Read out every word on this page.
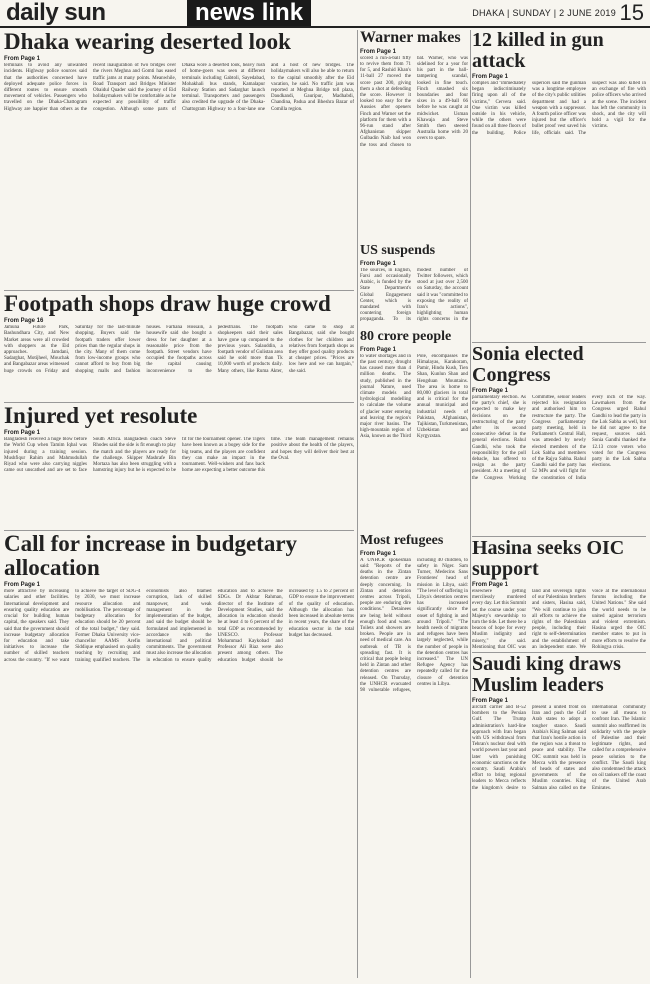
daily sun	news link	DHAKA | SUNDAY | 2 JUNE 2019 15
Dhaka wearing deserted look
From Page 1

terminals to avoid any unwanted incidents. Highway police sources said that the authorities concerned have deployed adequate police forces in different routes to ensure smooth movement of vehicles. Passengers who travelled on the Dhaka-Chattogram Highway are happier than others as the recent inauguration of two bridges over the rivers Meghna and Gomti has eased traffic jams at many points. Meanwhile, Road Transport and Bridges Minister Obaidul Quader said the journey of Eid holidaymakers will be comfortable as he expected any possibility of traffic congestion. Although some parts of Dhaka wore a deserted look, heavy rush of home-goers was seen at different terminals including Gabtoli, Sayedabad, Mohakhali bus stands, Kamalapur Railway Station and Sadarghat launch terminal. Transporters and passengers also credited the upgrade of the Dhaka-Chattogram Highway to a four-lane one and a host of new bridges. The holidaymakers will also be able to return to the capital smoothly after the Eid vacation, he said. No traffic jam was reported at Meghna Bridge toll plaza, Daudkandi, Gauripur, Madhabdi, Chandina, Padua and Bheshra Bazar of Comilla region.

Warner makes
From Page 1

scored a run-a-ball fifty to revive them from 71 for 5, and Rashid Khan's 11-ball 27 moved the score past 200, giving them a shot at defending the score. However it looked too easy for the Aussies after openers Finch and Warner set the platform for them with a 96-run stand after Afghanistan skipper Gulbadin Naib had won the toss and chosen to bat. Warner, who was sidelined for a year for his part in the ball-tampering scandal, looked in fine touch. Finch smashed six boundaries and four sixes in a 49-ball 66 before he was caught at midwicket. Usman Khawaja and Steve Smith then steered Australia home with 20 overs to spare.

12 killed in gun attack
From Page 1

complex and "immediately began indiscriminately firing upon all of the victims," Cervera said. One victim was killed outside in his vehicle, while the others were found on all three floors of the building. Police superiors said the gunman was a longtime employee of the city's public utilities department and had a weapon with a suppressor. A fourth police officer was injured but the officer's bullet proof vest saved his life, officials said. The suspect was also killed in an exchange of fire with police officers who arrived at the scene. The incident has left the community in shock, and the city will hold a vigil for the victims.

US suspends
From Page 1

The sources, in English, Farsi and occasionally Arabic, is funded by the State Department's Global Engagement Center, which is mandated with countering foreign propaganda. To its modest number of Twitter followers, which stood at just over 2,500 on Saturday, the account said it was "committed to exposing the reality of Iran's actions", highlighting human rights concerns in the

Footpath shops draw huge crowd
From Page 16

Jamuna Future Park, Bashundhara City, and New Market areas were all crowded with shoppers as the Eid approaches. Jamdani, Sadarghat, Motijheel, Mouchak and Bangabazar areas witnessed huge crowds on Friday and Saturday for the last-minute shopping. Buyers said the footpath traders offer lower prices than the regular shops in the city. Many of them come from low-income groups who cannot afford to buy from big shopping malls and fashion houses. Farhana Hossain, a housewife said she bought a dress for her daughter at a reasonable price from the footpath. Street vendors have occupied the footpaths across the capital causing inconvenience to the pedestrians. The footpath shopkeepers said their sales have gone up compared to the previous years. Salauddin, a footpath vendor of Gulistan area said he sold more than Tk 10,000 worth of products daily. Many others, like Ruma Akter, who came to shop at Bangabazar, said she bought clothes for her children and relatives from footpath shops as they offer good quality products at cheaper prices. "Prices are low here and we can bargain," she said.

80 crore people
From Page 1

to water shortages and in the past century, drought has caused more than 4 million deaths. The study, published in the journal Nature, used climate models and hydrological modelling to calculate the volume of glacier water entering and leaving the region's major river basins. The high-mountain region of Asia, known as the Third Pole, encompasses the Himalayas, Karakoram, Pamir, Hindu Kush, Tien Shan, Kunlun Shan and Hengduan Mountains. The area is home to 80,000 glaciers in total and is critical for the annual municipal and industrial needs of Pakistan, Afghanistan, Tajikistan, Turkmenistan, Uzbekistan and Kyrgyzstan.

Sonia elected Congress
From Page 1

parliamentary election. As the party's chief, she is expected to make key decisions on the restructuring of the party after its second consecutive defeat in the general elections. Rahul Gandhi, who took the responsibility for the poll debacle, has offered to resign as the party president. At a meeting of the Congress Working Committee, senior leaders rejected his resignation and authorised him to restructure the party. The Congress parliamentary party meeting, held in Parliament's Central Hall, was attended by newly elected members of the Lok Sabha and members of the Rajya Sabha. Rahul Gandhi said the party has 52 MPs and will fight for the constitution of India every inch of the way. Lawmakers from the Congress urged Rahul Gandhi to lead the party in the Lok Sabha as well, but he did not agree to the request, sources said. Sonia Gandhi thanked the 12.13 crore voters who voted for the Congress party in the Lok Sabha elections.

Injured yet resolute
From Page 1

Bangladesh received a huge blow before the World Cup when Tamim Iqbal was injured during a training session. Mushfiqur Rahim and Mahmudullah Riyad who were also carrying niggles came out unscathed and are set to face South Africa. Bangladesh coach Steve Rhodes said the side is fit enough to play the match and the players are ready for the challenge. Skipper Mashrafe Bin Mortaza has also been struggling with a hamstring injury but he is expected to be fit for the tournament opener. The Tigers have been known as a bogey side for the big teams, and the players are confident they can make an impact in the tournament. Well-wishers and fans back home are expecting a better outcome this time. The team management remains positive about the health of the players, and hopes they will deliver their best at the Oval.

Hasina seeks OIC support
From Page 1

elsewhere getting mercilessly murdered every day. Let this Summit set the course under your Majesty's stewardship to turn the tide. Let there be a beacon of hope for every Muslim indignity and misery," she said. Mentioning that OIC was land and sovereign rights of our Palestinian brothers and sisters, Hasina said, "We will continue to join all efforts to achieve the rights of the Palestinian people, including their right to self-determination and the establishment of an independent state. We voice at the international forums including the United Nations." She said the world needs to be united against terrorism and violent extremism. Hasina urged the OIC member states to put in more efforts to resolve the Rohingya crisis.

Most refugees
From Page 1

A UNHCR spokesman said: "Reports of the deaths in the Zintan detention centre are deeply concerning. In Zintan and detention centres across Tripoli, people are enduring dire conditions." Detainees are being held without enough food and water. Toilets and showers are broken. People are in need of medical care. An outbreak of TB is spreading fast. It is critical that people being held in Zintan and other detention centres are released. On Thursday, the UNHCR evacuated 98 vulnerable refugees, including 40 children, to safety in Niger. Sam Turner, Medecins Sans Frontieres' head of mission in Libya, said: "The level of suffering in Libya's detention centres has increased significantly since the onset of fighting in and around Tripoli." "The health needs of migrants and refugees have been largely neglected, while the number of people in the detention centres has increased." The UN Refugee Agency has repeatedly called for the closure of detention centres in Libya.

Call for increase in budgetary allocation
From Page 1

more attractive by increasing salaries and other facilities. International development and ensuring quality education are crucial for building human capital, the speakers said. They said that the government should increase budgetary allocation for education and take initiatives to increase the number of skilled teachers across the country. "If we want to achieve the target of SDG-4 by 2030, we must increase resource allocation and mobilisation. The percentage of budgetary allocation for education should be 20 percent of the total budget," they said. Former Dhaka University vice-chancellor AAMS Arefin Siddique emphasised on quality teaching by recruiting and training qualified teachers. The economists also blamed corruption, lack of skilled manpower, and weak management in the implementation of the budget, and said the budget should be formulated and implemented in accordance with the international and political commitments. The government must also increase the allocation in education to ensure quality education and to achieve the SDGs. Dr Akhtar Rahman, director of the Institute of Development Studies, said the allocation in education should be at least 4 to 6 percent of the total GDP as recommended by UNESCO. Professor Mohammad Kaykobad and Professor Ali Riaz were also present among others. The education budget should be increased by 1.5 to 2 percent of GDP to ensure the improvement of the quality of education. Although the allocation has been increased in absolute terms in recent years, the share of the education sector in the total budget has decreased.

Saudi king draws Muslim leaders
From Page 1

aircraft carrier and B-52 bombers to the Persian Gulf. The Trump administration's hard-line approach with Iran began with US withdrawal from Tehran's nuclear deal with world powers last year and later with punishing economic sanctions on the country. Saudi Arabia's effort to bring regional leaders to Mecca reflects the kingdom's desire to present a united front on Iran and push the Gulf Arab states to adopt a tougher stance. Saudi Arabia's King Salman said that Iran's hostile action in the region was a threat to peace and stability. The OIC summit was held in Mecca with the presence of heads of states and governments of the Muslim countries. King Salman also called on the international community to use all means to confront Iran. The Islamic summit also reaffirmed its solidarity with the people of Palestine and their legitimate rights, and called for a comprehensive peace solution to the conflict. The Saudi king also condemned the attack on oil tankers off the coast of the United Arab Emirates.
